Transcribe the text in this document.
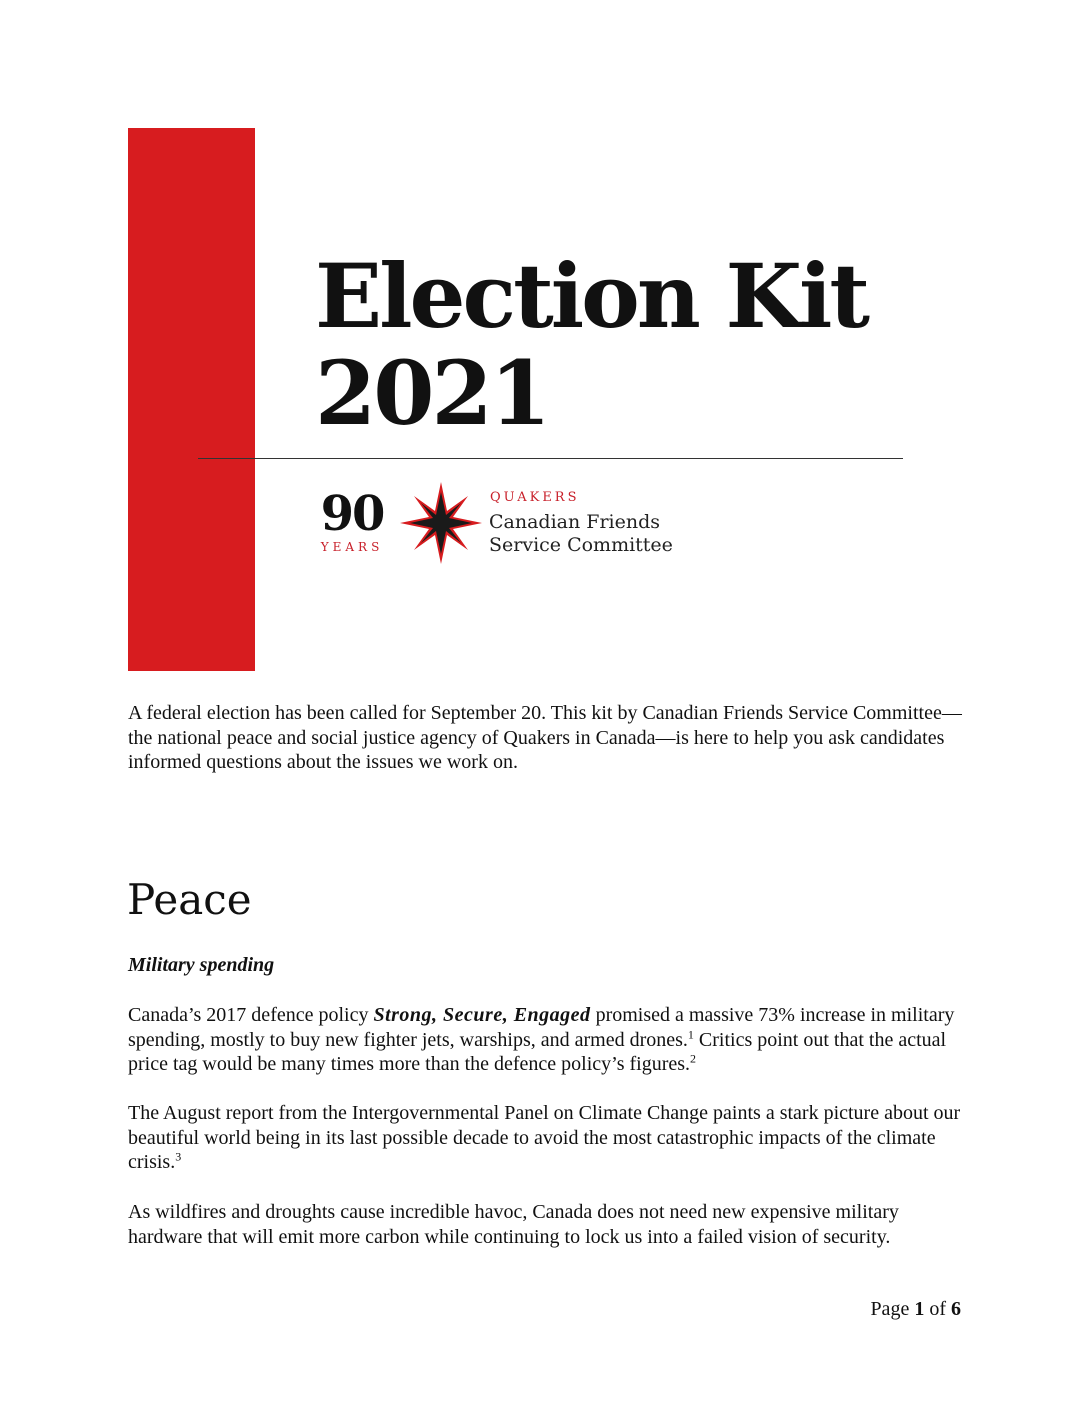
Election Kit
2021
90
YEARS
QUAKERS
Canadian Friends
Service Committee

A federal election has been called for September 20. This kit by Canadian Friends Service Committee—the national peace and social justice agency of Quakers in Canada—is here to help you ask candidates informed questions about the issues we work on.

Peace
Military spending

Canada’s 2017 defence policy Strong, Secure, Engaged promised a massive 73% increase in military spending, mostly to buy new fighter jets, warships, and armed drones.$^1$ Critics point out that the actual price tag would be many times more than the defence policy’s figures.$^2$

The August report from the Intergovernmental Panel on Climate Change paints a stark picture about our beautiful world being in its last possible decade to avoid the most catastrophic impacts of the climate crisis.$^3$

As wildfires and droughts cause incredible havoc, Canada does not need new expensive military hardware that will emit more carbon while continuing to lock us into a failed vision of security.

Page 1 of 6
